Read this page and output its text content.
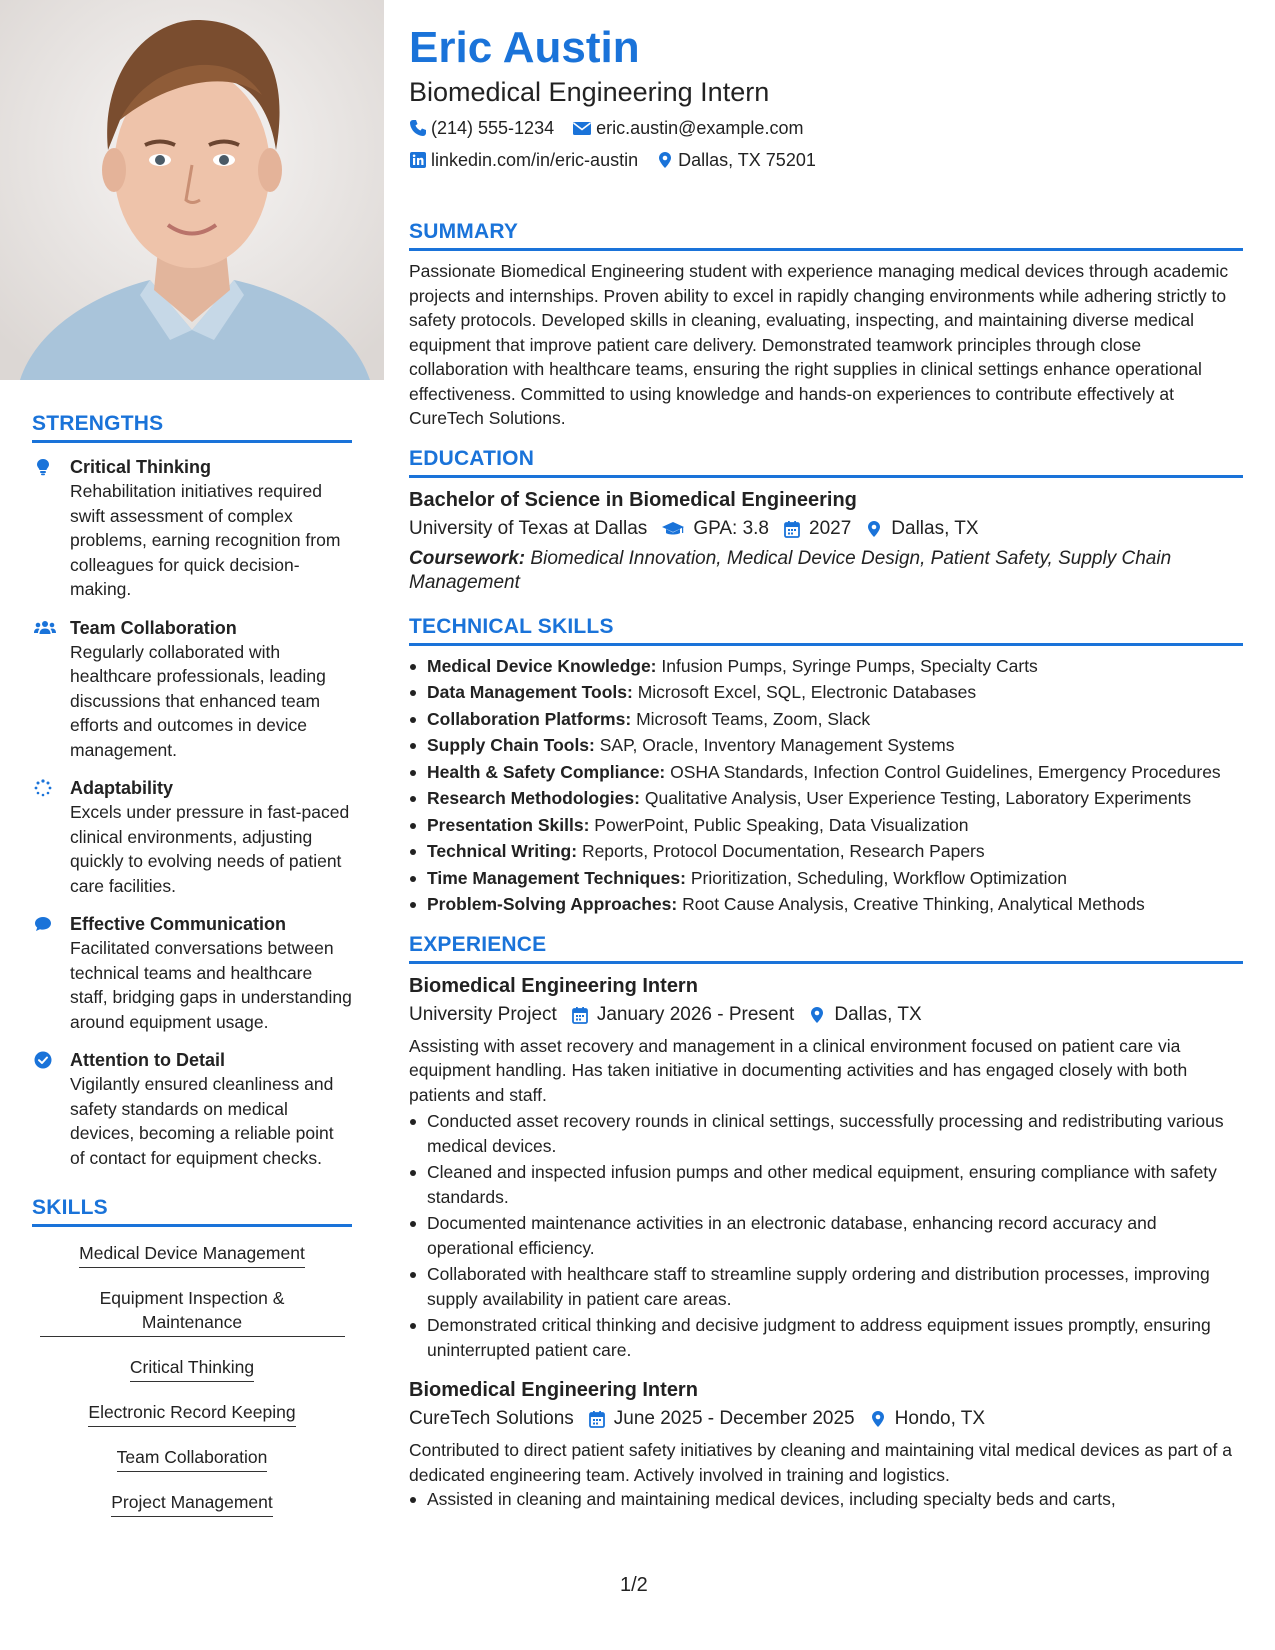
STRENGTHS
Critical Thinking
Rehabilitation initiatives required swift assessment of complex problems, earning recognition from colleagues for quick decision-making.
Team Collaboration
Regularly collaborated with healthcare professionals, leading discussions that enhanced team efforts and outcomes in device management.
Adaptability
Excels under pressure in fast-paced clinical environments, adjusting quickly to evolving needs of patient care facilities.
Effective Communication
Facilitated conversations between technical teams and healthcare staff, bridging gaps in understanding around equipment usage.
Attention to Detail
Vigilantly ensured cleanliness and safety standards on medical devices, becoming a reliable point of contact for equipment checks.
SKILLS
Medical Device Management
Equipment Inspection & Maintenance
Critical Thinking
Electronic Record Keeping
Team Collaboration
Project Management
Eric Austin
Biomedical Engineering Intern
(214) 555-1234 eric.austin@example.com
linkedin.com/in/eric-austin Dallas, TX 75201
SUMMARY
Passionate Biomedical Engineering student with experience managing medical devices through academic projects and internships. Proven ability to excel in rapidly changing environments while adhering strictly to safety protocols. Developed skills in cleaning, evaluating, inspecting, and maintaining diverse medical equipment that improve patient care delivery. Demonstrated teamwork principles through close collaboration with healthcare teams, ensuring the right supplies in clinical settings enhance operational effectiveness. Committed to using knowledge and hands-on experiences to contribute effectively at CureTech Solutions.
EDUCATION
Bachelor of Science in Biomedical Engineering
University of Texas at Dallas GPA: 3.8 2027 Dallas, TX
Coursework: Biomedical Innovation, Medical Device Design, Patient Safety, Supply Chain Management
TECHNICAL SKILLS
Medical Device Knowledge: Infusion Pumps, Syringe Pumps, Specialty Carts
Data Management Tools: Microsoft Excel, SQL, Electronic Databases
Collaboration Platforms: Microsoft Teams, Zoom, Slack
Supply Chain Tools: SAP, Oracle, Inventory Management Systems
Health & Safety Compliance: OSHA Standards, Infection Control Guidelines, Emergency Procedures
Research Methodologies: Qualitative Analysis, User Experience Testing, Laboratory Experiments
Presentation Skills: PowerPoint, Public Speaking, Data Visualization
Technical Writing: Reports, Protocol Documentation, Research Papers
Time Management Techniques: Prioritization, Scheduling, Workflow Optimization
Problem-Solving Approaches: Root Cause Analysis, Creative Thinking, Analytical Methods
EXPERIENCE
Biomedical Engineering Intern
University Project January 2026 - Present Dallas, TX
Assisting with asset recovery and management in a clinical environment focused on patient care via equipment handling. Has taken initiative in documenting activities and has engaged closely with both patients and staff.
Conducted asset recovery rounds in clinical settings, successfully processing and redistributing various medical devices.
Cleaned and inspected infusion pumps and other medical equipment, ensuring compliance with safety standards.
Documented maintenance activities in an electronic database, enhancing record accuracy and operational efficiency.
Collaborated with healthcare staff to streamline supply ordering and distribution processes, improving supply availability in patient care areas.
Demonstrated critical thinking and decisive judgment to address equipment issues promptly, ensuring uninterrupted patient care.
Biomedical Engineering Intern
CureTech Solutions June 2025 - December 2025 Hondo, TX
Contributed to direct patient safety initiatives by cleaning and maintaining vital medical devices as part of a dedicated engineering team. Actively involved in training and logistics.
Assisted in cleaning and maintaining medical devices, including specialty beds and carts,
1/2
